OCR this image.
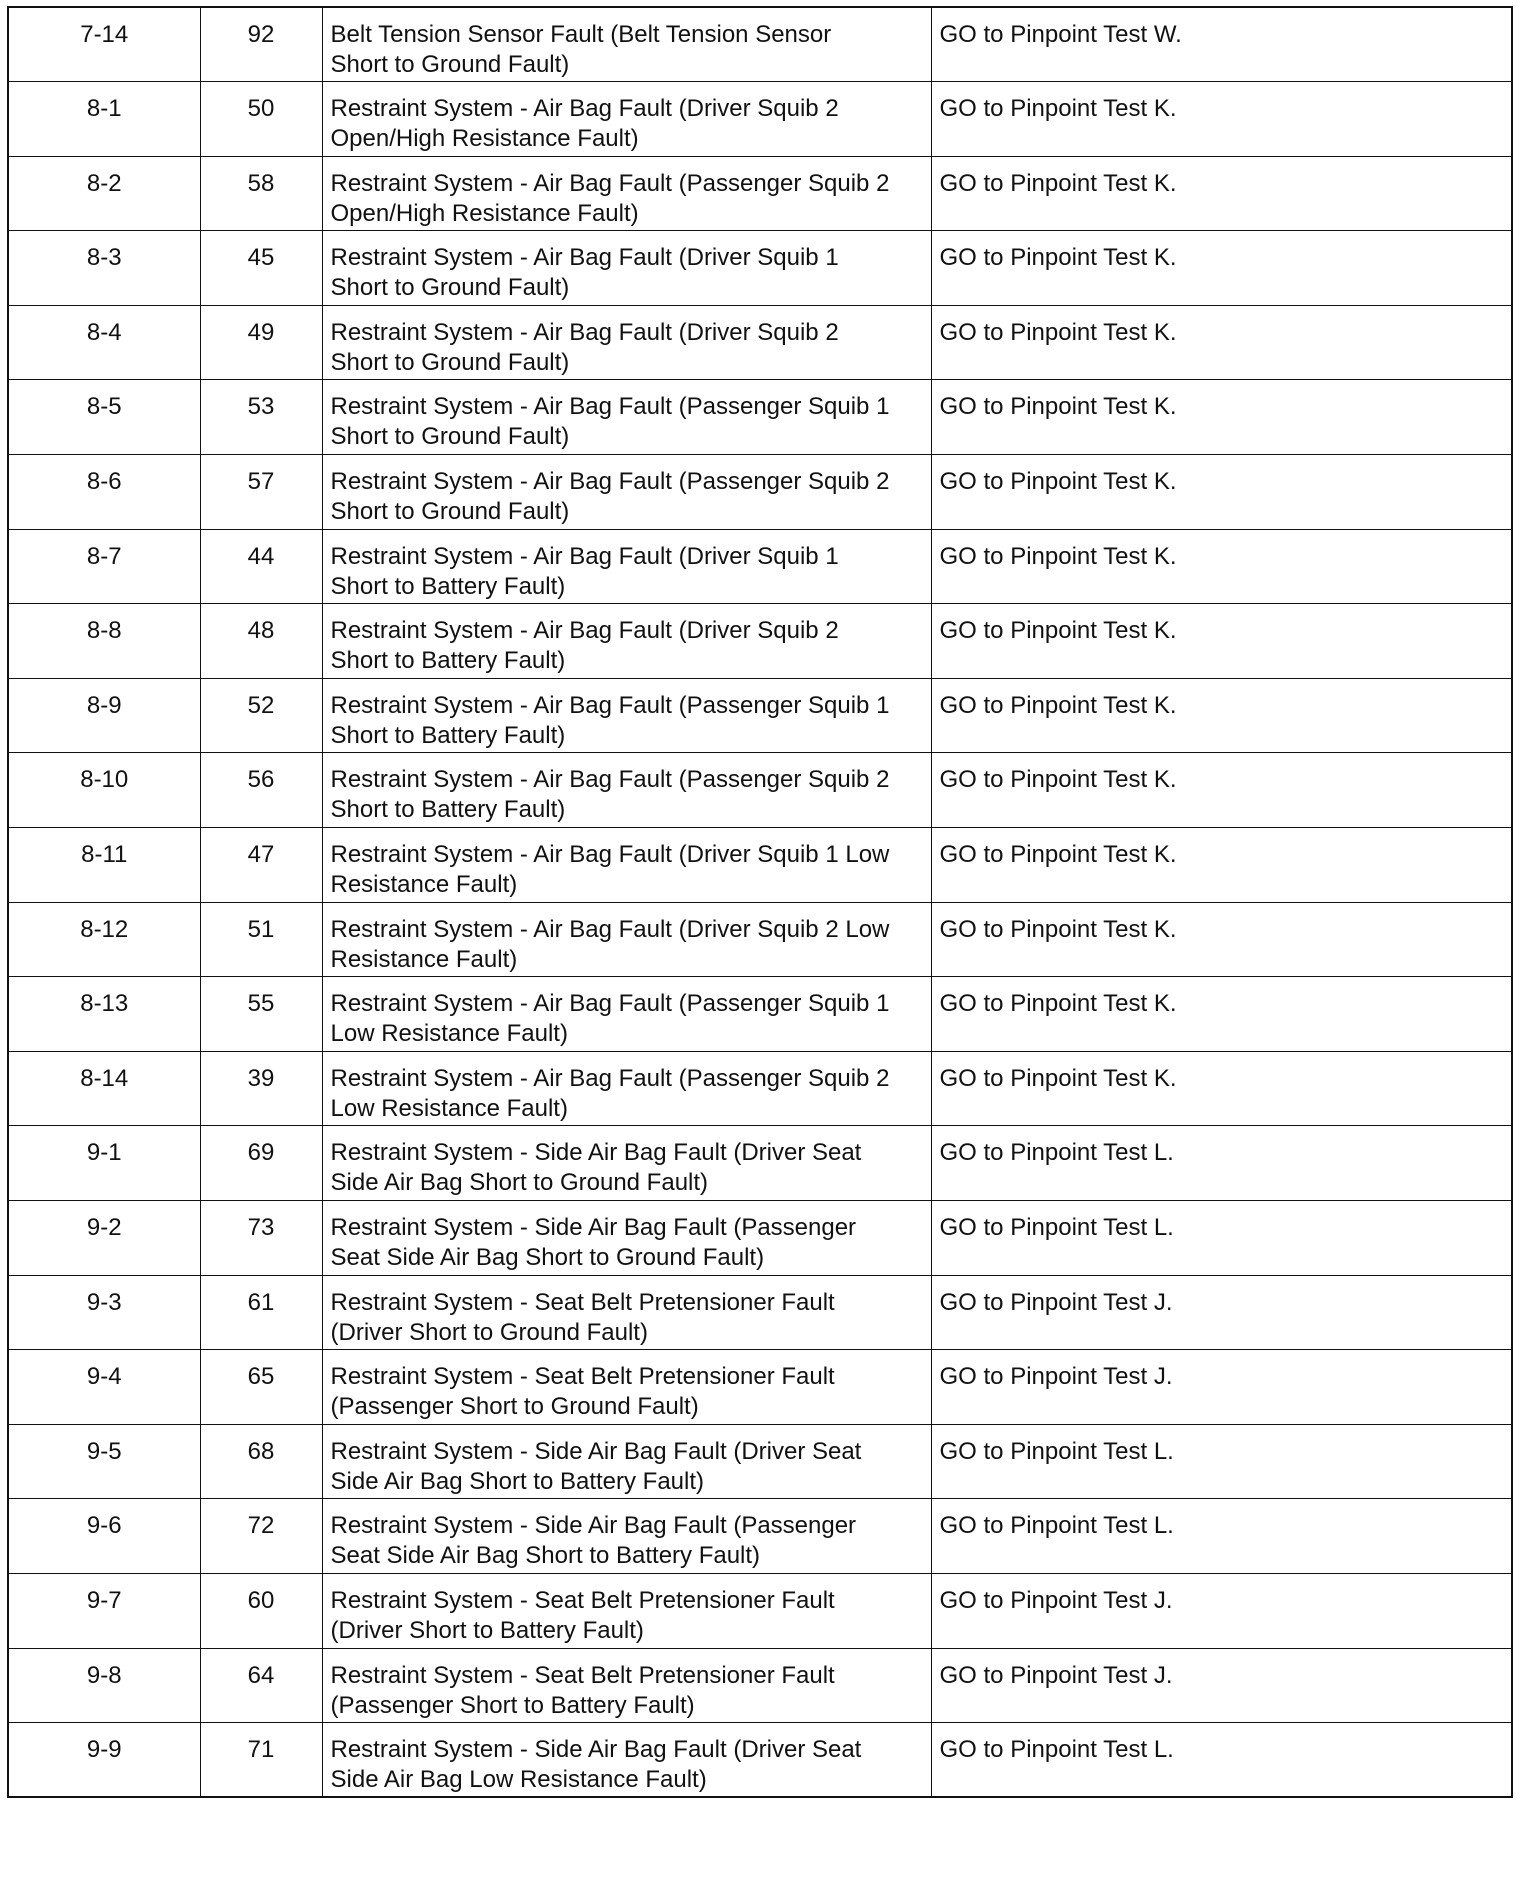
7-14	92	Belt Tension Sensor Fault (Belt Tension Sensor
Short to Ground Fault)	GO to Pinpoint Test W.
8-1	50	Restraint System - Air Bag Fault (Driver Squib 2
Open/High Resistance Fault)	GO to Pinpoint Test K.
8-2	58	Restraint System - Air Bag Fault (Passenger Squib 2
Open/High Resistance Fault)	GO to Pinpoint Test K.
8-3	45	Restraint System - Air Bag Fault (Driver Squib 1
Short to Ground Fault)	GO to Pinpoint Test K.
8-4	49	Restraint System - Air Bag Fault (Driver Squib 2
Short to Ground Fault)	GO to Pinpoint Test K.
8-5	53	Restraint System - Air Bag Fault (Passenger Squib 1
Short to Ground Fault)	GO to Pinpoint Test K.
8-6	57	Restraint System - Air Bag Fault (Passenger Squib 2
Short to Ground Fault)	GO to Pinpoint Test K.
8-7	44	Restraint System - Air Bag Fault (Driver Squib 1
Short to Battery Fault)	GO to Pinpoint Test K.
8-8	48	Restraint System - Air Bag Fault (Driver Squib 2
Short to Battery Fault)	GO to Pinpoint Test K.
8-9	52	Restraint System - Air Bag Fault (Passenger Squib 1
Short to Battery Fault)	GO to Pinpoint Test K.
8-10	56	Restraint System - Air Bag Fault (Passenger Squib 2
Short to Battery Fault)	GO to Pinpoint Test K.
8-11	47	Restraint System - Air Bag Fault (Driver Squib 1 Low
Resistance Fault)	GO to Pinpoint Test K.
8-12	51	Restraint System - Air Bag Fault (Driver Squib 2 Low
Resistance Fault)	GO to Pinpoint Test K.
8-13	55	Restraint System - Air Bag Fault (Passenger Squib 1
Low Resistance Fault)	GO to Pinpoint Test K.
8-14	39	Restraint System - Air Bag Fault (Passenger Squib 2
Low Resistance Fault)	GO to Pinpoint Test K.
9-1	69	Restraint System - Side Air Bag Fault (Driver Seat
Side Air Bag Short to Ground Fault)	GO to Pinpoint Test L.
9-2	73	Restraint System - Side Air Bag Fault (Passenger
Seat Side Air Bag Short to Ground Fault)	GO to Pinpoint Test L.
9-3	61	Restraint System - Seat Belt Pretensioner Fault
(Driver Short to Ground Fault)	GO to Pinpoint Test J.
9-4	65	Restraint System - Seat Belt Pretensioner Fault
(Passenger Short to Ground Fault)	GO to Pinpoint Test J.
9-5	68	Restraint System - Side Air Bag Fault (Driver Seat
Side Air Bag Short to Battery Fault)	GO to Pinpoint Test L.
9-6	72	Restraint System - Side Air Bag Fault (Passenger
Seat Side Air Bag Short to Battery Fault)	GO to Pinpoint Test L.
9-7	60	Restraint System - Seat Belt Pretensioner Fault
(Driver Short to Battery Fault)	GO to Pinpoint Test J.
9-8	64	Restraint System - Seat Belt Pretensioner Fault
(Passenger Short to Battery Fault)	GO to Pinpoint Test J.
9-9	71	Restraint System - Side Air Bag Fault (Driver Seat
Side Air Bag Low Resistance Fault)	GO to Pinpoint Test L.
